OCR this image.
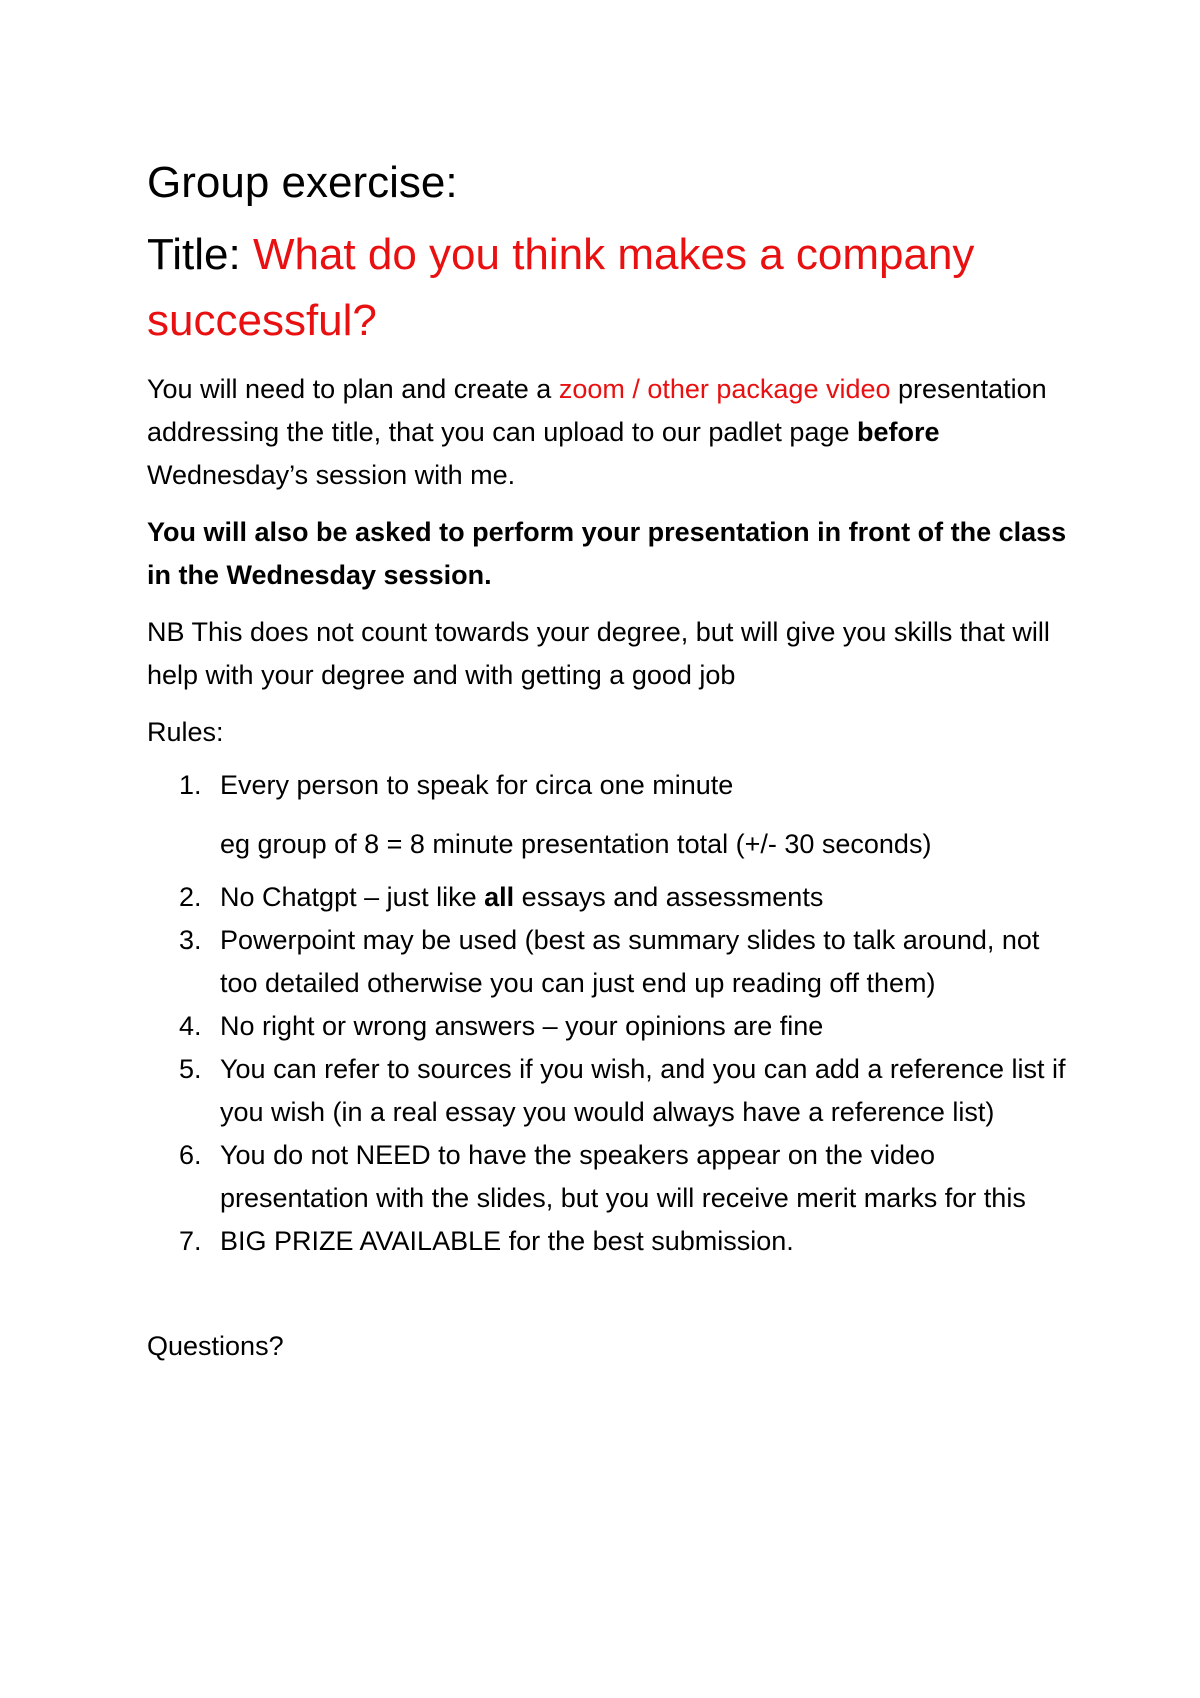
Group exercise:

Title: What do you think makes a company successful?

You will need to plan and create a zoom / other package video presentation addressing the title, that you can upload to our padlet page before Wednesday’s session with me.

You will also be asked to perform your presentation in front of the class in the Wednesday session.

NB This does not count towards your degree, but will give you skills that will help with your degree and with getting a good job

Rules:

1. Every person to speak for circa one minute
eg group of 8 = 8 minute presentation total (+/- 30 seconds)
2. No Chatgpt – just like all essays and assessments
3. Powerpoint may be used (best as summary slides to talk around, not too detailed otherwise you can just end up reading off them)
4. No right or wrong answers – your opinions are fine
5. You can refer to sources if you wish, and you can add a reference list if you wish (in a real essay you would always have a reference list)
6. You do not NEED to have the speakers appear on the video presentation with the slides, but you will receive merit marks for this
7. BIG PRIZE AVAILABLE for the best submission.

Questions?
